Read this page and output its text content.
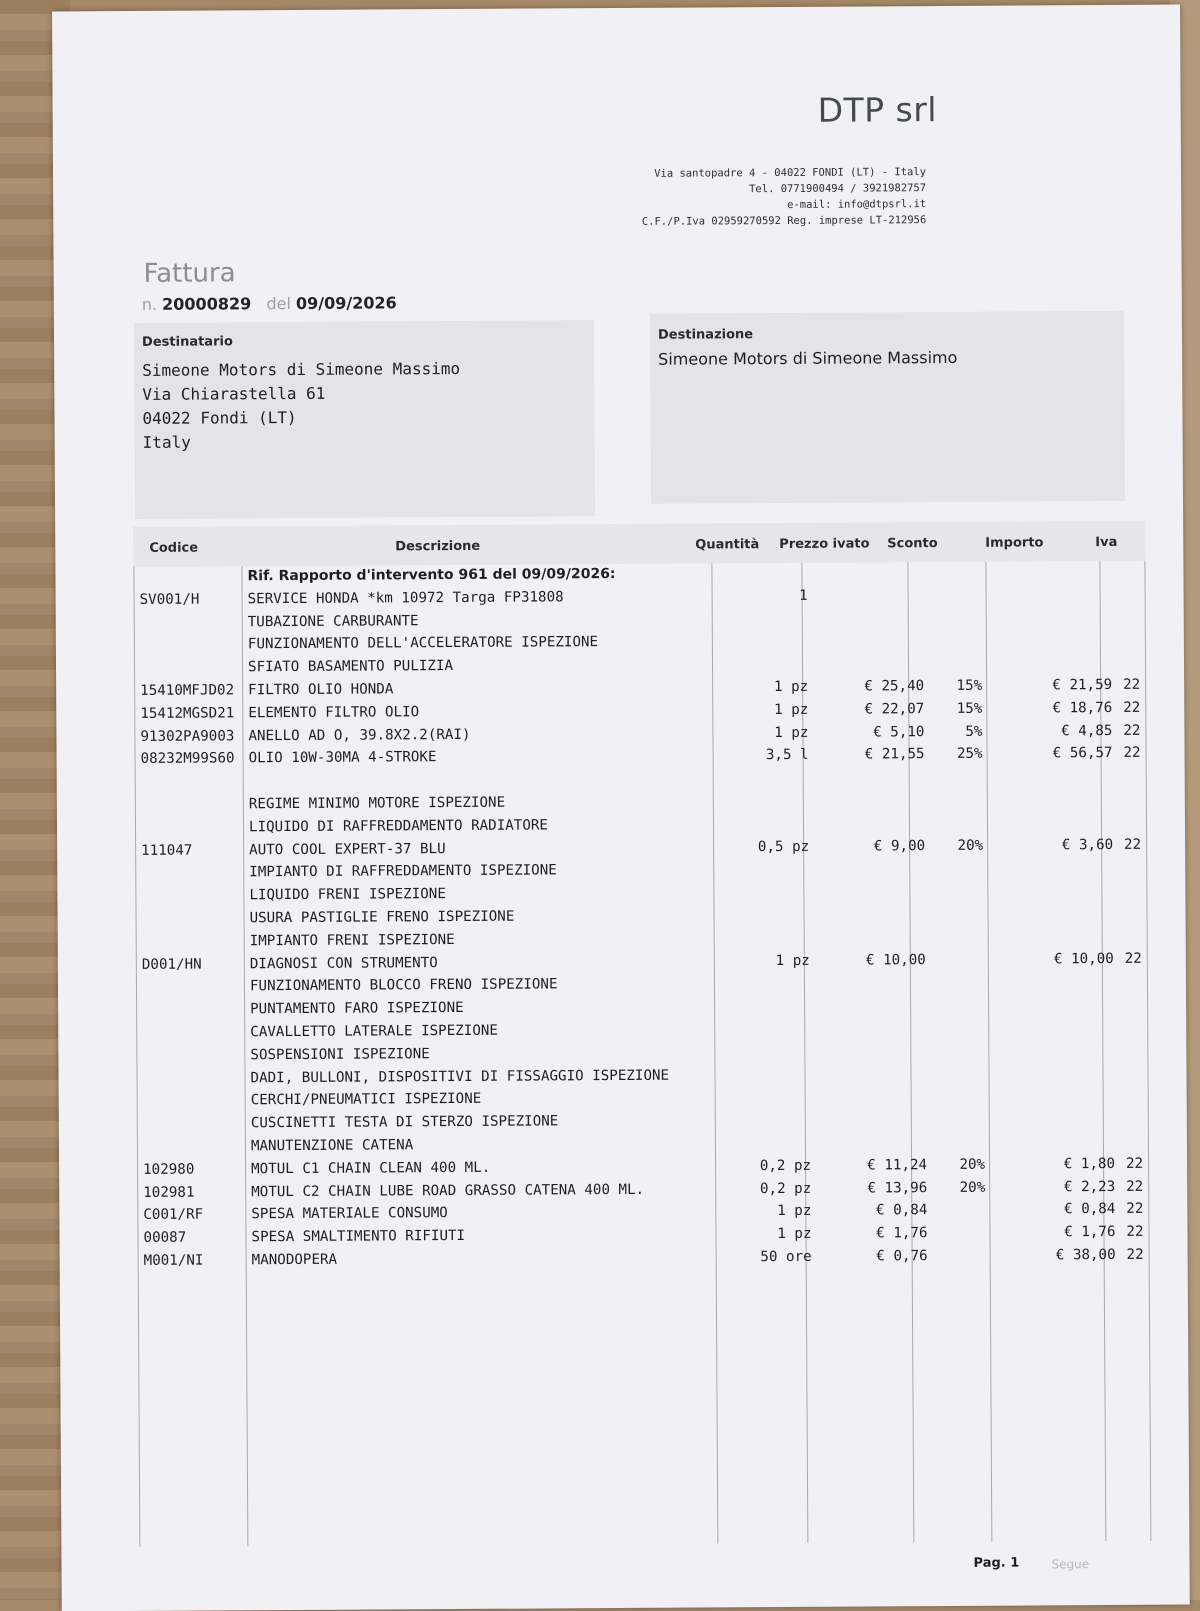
DTP srl
Via santopadre 4 - 04022 FONDI (LT) - Italy
Tel. 0771900494 / 3921982757
e-mail: info@dtpsrl.it
C.F./P.Iva 02959270592 Reg. imprese LT-212956
Fattura
n. 20000829 del 09/09/2026
Destinatario
Simeone Motors di Simeone Massimo
Via Chiarastella 61
04022 Fondi (LT)
Italy
Destinazione
Simeone Motors di Simeone Massimo
Codice	Descrizione	Quantità Prezzo ivato Sconto	Importo	Iva
Rif. Rapporto d'intervento 961 del 09/09/2026:
SV001/H	SERVICE HONDA *km 10972 Targa FP31808	1
TUBAZIONE CARBURANTE
FUNZIONAMENTO DELL'ACCELERATORE ISPEZIONE
SFIATO BASAMENTO PULIZIA
15410MFJD02 FILTRO OLIO HONDA	1 pz	€ 25,40 15%	€ 21,59 22
15412MGSD21 ELEMENTO FILTRO OLIO	1 pz	€ 22,07 15%	€ 18,76 22
91302PA9003 ANELLO AD O, 39.8X2.2(RAI)	1 pz	€ 5,10	5%	€ 4,85 22
08232M99S60 OLIO 10W-30MA 4-STROKE	3,5 l	€ 21,55 25%	€ 56,57 22
REGIME MINIMO MOTORE ISPEZIONE
LIQUIDO DI RAFFREDDAMENTO RADIATORE
111047	AUTO COOL EXPERT-37 BLU	0,5 pz	€ 9,00 20%	€ 3,60 22
IMPIANTO DI RAFFREDDAMENTO ISPEZIONE
LIQUIDO FRENI ISPEZIONE
USURA PASTIGLIE FRENO ISPEZIONE
IMPIANTO FRENI ISPEZIONE
D001/HN	DIAGNOSI CON STRUMENTO	1 pz	€ 10,00	€ 10,00 22
FUNZIONAMENTO BLOCCO FRENO ISPEZIONE
PUNTAMENTO FARO ISPEZIONE
CAVALLETTO LATERALE ISPEZIONE
SOSPENSIONI ISPEZIONE
DADI, BULLONI, DISPOSITIVI DI FISSAGGIO ISPEZIONE
CERCHI/PNEUMATICI ISPEZIONE
CUSCINETTI TESTA DI STERZO ISPEZIONE
MANUTENZIONE CATENA
102980	MOTUL C1 CHAIN CLEAN 400 ML.	0,2 pz	€ 11,24 20%	€ 1,80 22
102981	MOTUL C2 CHAIN LUBE ROAD GRASSO CATENA 400 ML.	0,2 pz	€ 13,96 20%	€ 2,23 22
C001/RF	SPESA MATERIALE CONSUMO	1 pz	€ 0,84	€ 0,84 22
00087	SPESA SMALTIMENTO RIFIUTI	1 pz	€ 1,76	€ 1,76 22
M001/NI	MANODOPERA	50 ore	€ 0,76	€ 38,00 22
Pag. 1	Segue
